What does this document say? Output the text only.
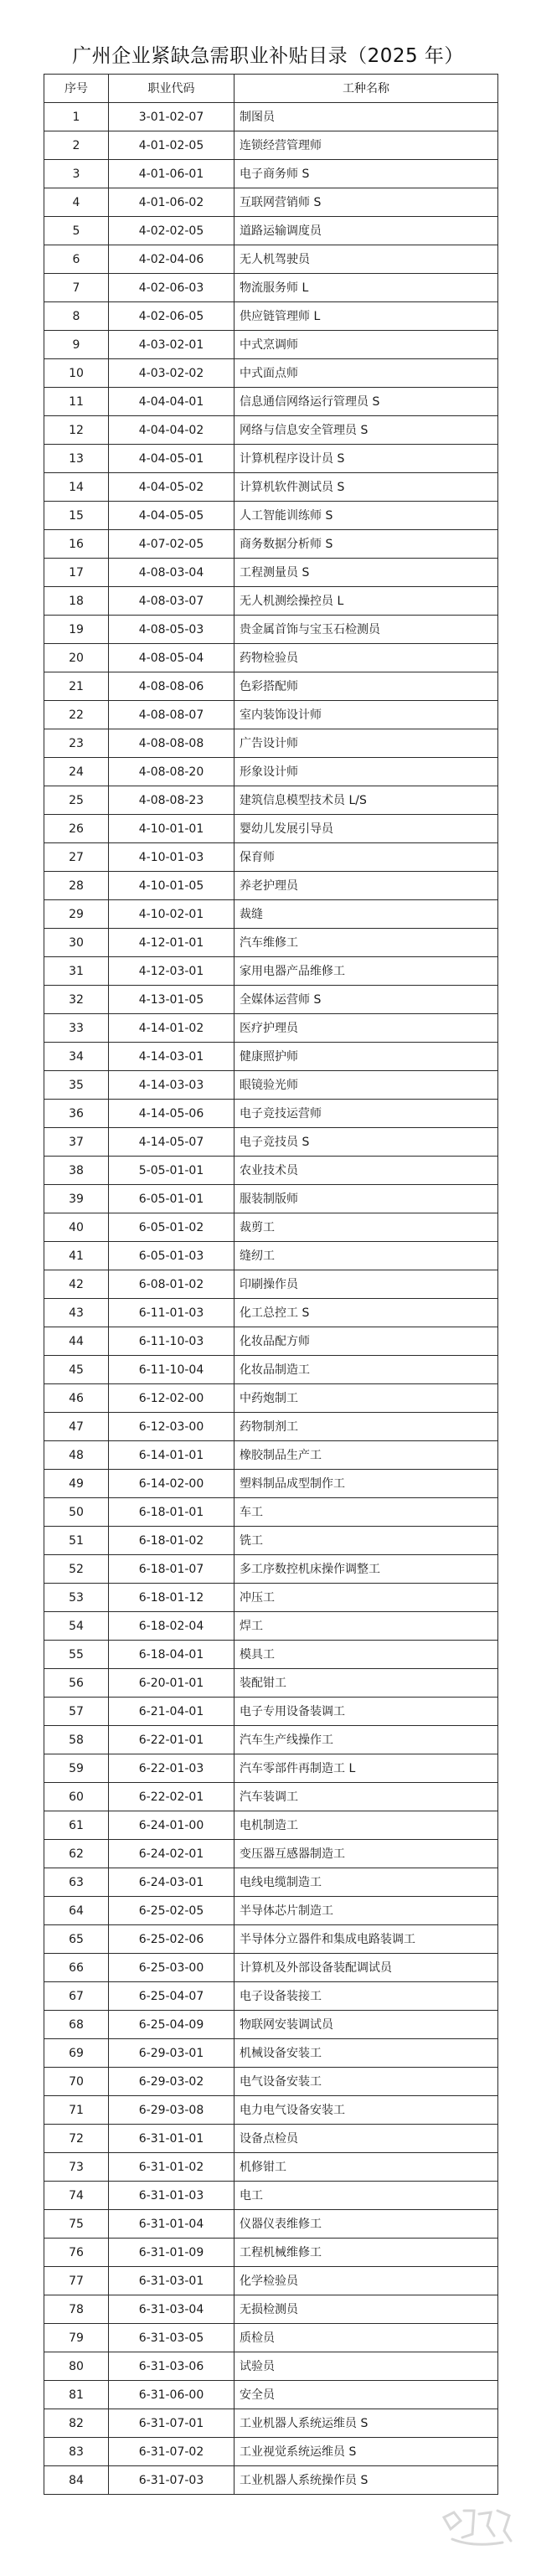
广州企业紧缺急需职业补贴目录（2025 年）
序号	职业代码	工种名称
1	3-01-02-07	制图员
2	4-01-02-05	连锁经营管理师
3	4-01-06-01	电子商务师 S
4	4-01-06-02	互联网营销师 S
5	4-02-02-05	道路运输调度员
6	4-02-04-06	无人机驾驶员
7	4-02-06-03	物流服务师 L
8	4-02-06-05	供应链管理师 L
9	4-03-02-01	中式烹调师
10	4-03-02-02	中式面点师
11	4-04-04-01	信息通信网络运行管理员 S
12	4-04-04-02	网络与信息安全管理员 S
13	4-04-05-01	计算机程序设计员 S
14	4-04-05-02	计算机软件测试员 S
15	4-04-05-05	人工智能训练师 S
16	4-07-02-05	商务数据分析师 S
17	4-08-03-04	工程测量员 S
18	4-08-03-07	无人机测绘操控员 L
19	4-08-05-03	贵金属首饰与宝玉石检测员
20	4-08-05-04	药物检验员
21	4-08-08-06	色彩搭配师
22	4-08-08-07	室内装饰设计师
23	4-08-08-08	广告设计师
24	4-08-08-20	形象设计师
25	4-08-08-23	建筑信息模型技术员 L/S
26	4-10-01-01	婴幼儿发展引导员
27	4-10-01-03	保育师
28	4-10-01-05	养老护理员
29	4-10-02-01	裁缝
30	4-12-01-01	汽车维修工
31	4-12-03-01	家用电器产品维修工
32	4-13-01-05	全媒体运营师 S
33	4-14-01-02	医疗护理员
34	4-14-03-01	健康照护师
35	4-14-03-03	眼镜验光师
36	4-14-05-06	电子竞技运营师
37	4-14-05-07	电子竞技员 S
38	5-05-01-01	农业技术员
39	6-05-01-01	服装制版师
40	6-05-01-02	裁剪工
41	6-05-01-03	缝纫工
42	6-08-01-02	印刷操作员
43	6-11-01-03	化工总控工 S
44	6-11-10-03	化妆品配方师
45	6-11-10-04	化妆品制造工
46	6-12-02-00	中药炮制工
47	6-12-03-00	药物制剂工
48	6-14-01-01	橡胶制品生产工
49	6-14-02-00	塑料制品成型制作工
50	6-18-01-01	车工
51	6-18-01-02	铣工
52	6-18-01-07	多工序数控机床操作调整工
53	6-18-01-12	冲压工
54	6-18-02-04	焊工
55	6-18-04-01	模具工
56	6-20-01-01	装配钳工
57	6-21-04-01	电子专用设备装调工
58	6-22-01-01	汽车生产线操作工
59	6-22-01-03	汽车零部件再制造工 L
60	6-22-02-01	汽车装调工
61	6-24-01-00	电机制造工
62	6-24-02-01	变压器互感器制造工
63	6-24-03-01	电线电缆制造工
64	6-25-02-05	半导体芯片制造工
65	6-25-02-06	半导体分立器件和集成电路装调工
66	6-25-03-00	计算机及外部设备装配调试员
67	6-25-04-07	电子设备装接工
68	6-25-04-09	物联网安装调试员
69	6-29-03-01	机械设备安装工
70	6-29-03-02	电气设备安装工
71	6-29-03-08	电力电气设备安装工
72	6-31-01-01	设备点检员
73	6-31-01-02	机修钳工
74	6-31-01-03	电工
75	6-31-01-04	仪器仪表维修工
76	6-31-01-09	工程机械维修工
77	6-31-03-01	化学检验员
78	6-31-03-04	无损检测员
79	6-31-03-05	质检员
80	6-31-03-06	试验员
81	6-31-06-00	安全员
82	6-31-07-01	工业机器人系统运维员 S
83	6-31-07-02	工业视觉系统运维员 S
84	6-31-07-03	工业机器人系统操作员 S
